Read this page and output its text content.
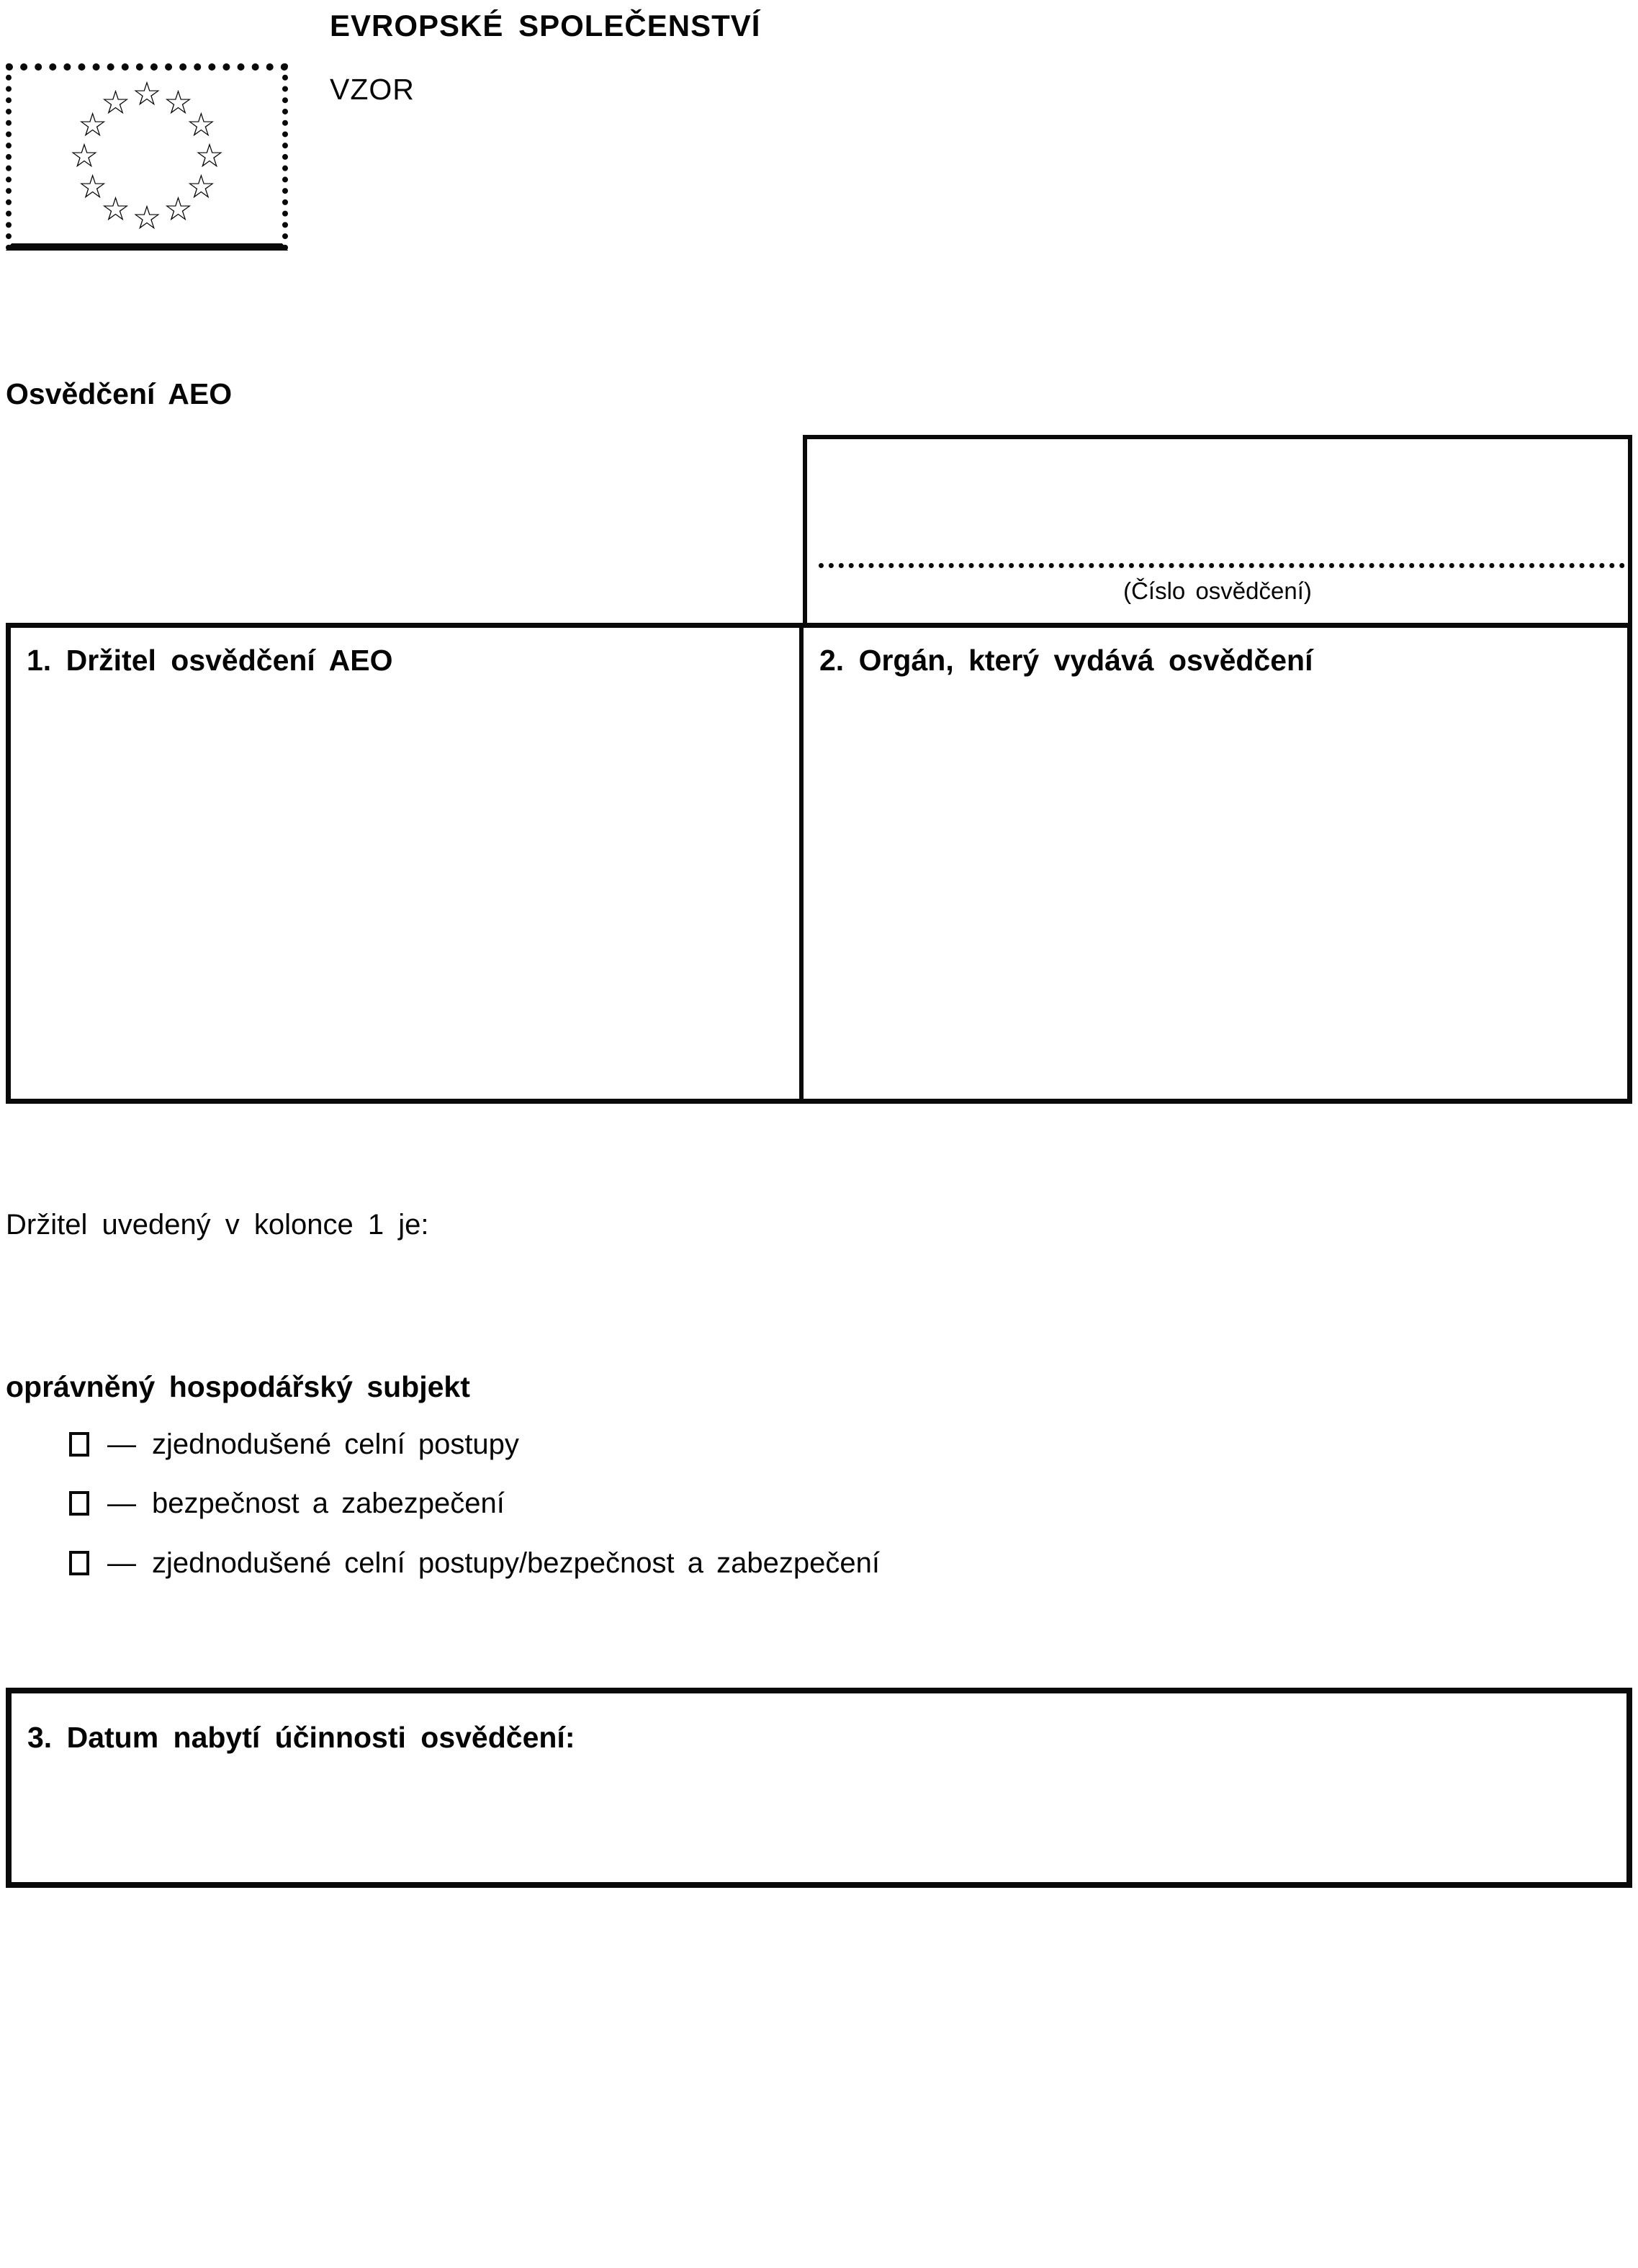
EVROPSKÉ SPOLEČENSTVÍ
VZOR
☆ ☆
☆
☆
☆
☆
☆
☆
☆
☆
☆
☆
Osvědčení AEO
(Číslo osvědčení)
1. Držitel osvědčení AEO	2. Orgán, který vydává osvědčení
Držitel uvedený v kolonce 1 je:
oprávněný hospodářský subjekt
— zjednodušené celní postupy
— bezpečnost a zabezpečení
— zjednodušené celní postupy/bezpečnost a zabezpečení
3. Datum nabytí účinnosti osvědčení:
